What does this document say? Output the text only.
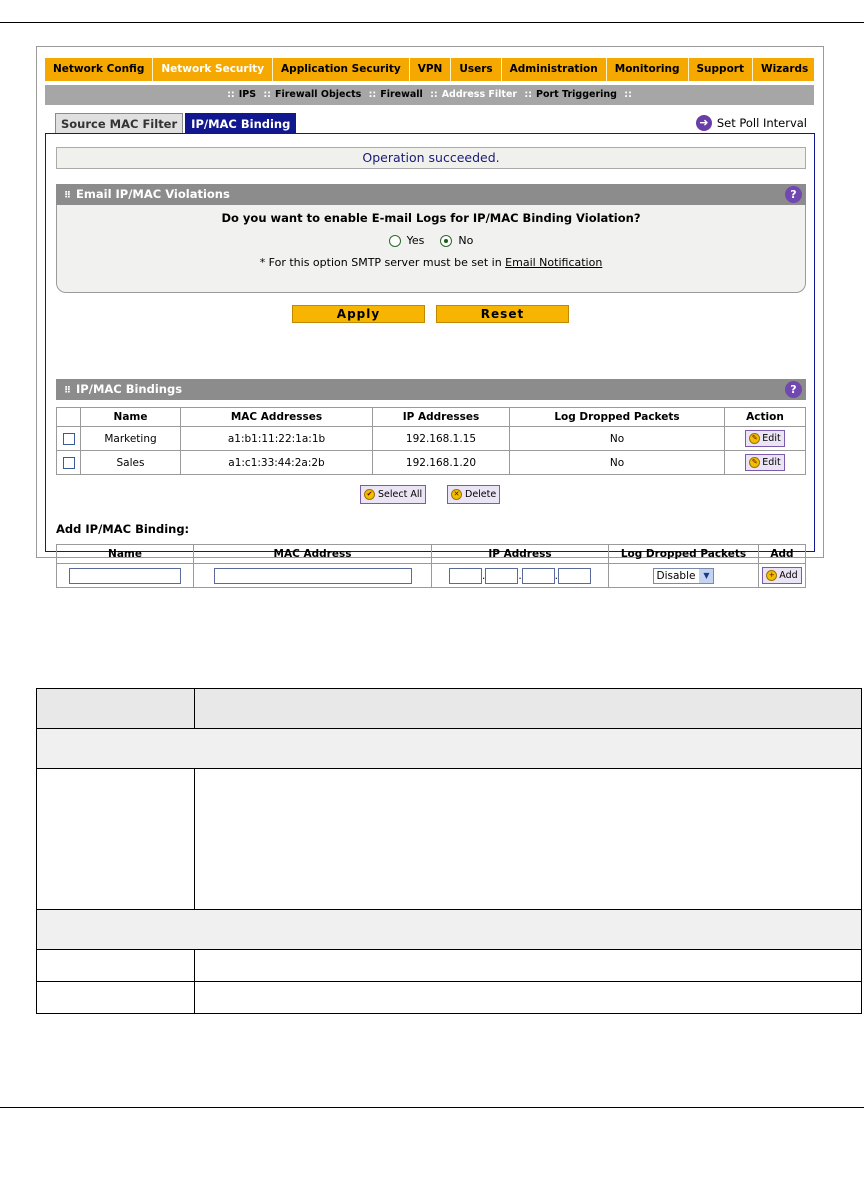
Network Config	Network Security	Application Security	VPN	Users	Administration	Monitoring	Support	Wizards
:: IPS :: Firewall Objects :: Firewall :: Address Filter :: Port Triggering ::
Source MAC Filter	IP/MAC Binding	➜ Set Poll Interval
Operation succeeded.
⠿ Email IP/MAC Violations	?
Do you want to enable E-mail Logs for IP/MAC Binding Violation?
Yes	No
* For this option SMTP server must be set in Email Notification
Apply	Reset
⠿ IP/MAC Bindings	?
	Name	MAC Addresses	IP Addresses	Log Dropped Packets	Action
	Marketing	a1:b1:11:22:1a:1b	192.168.1.15	No	✎ Edit

	Sales	a1:c1:33:44:2a:2b	192.168.1.20	No	✎ Edit
✔ Select All	✕ Delete
Add IP/MAC Binding:
Name	MAC Address	IP Address	Log Dropped Packets	Add
		. . .	Disable ▼	+ Add
